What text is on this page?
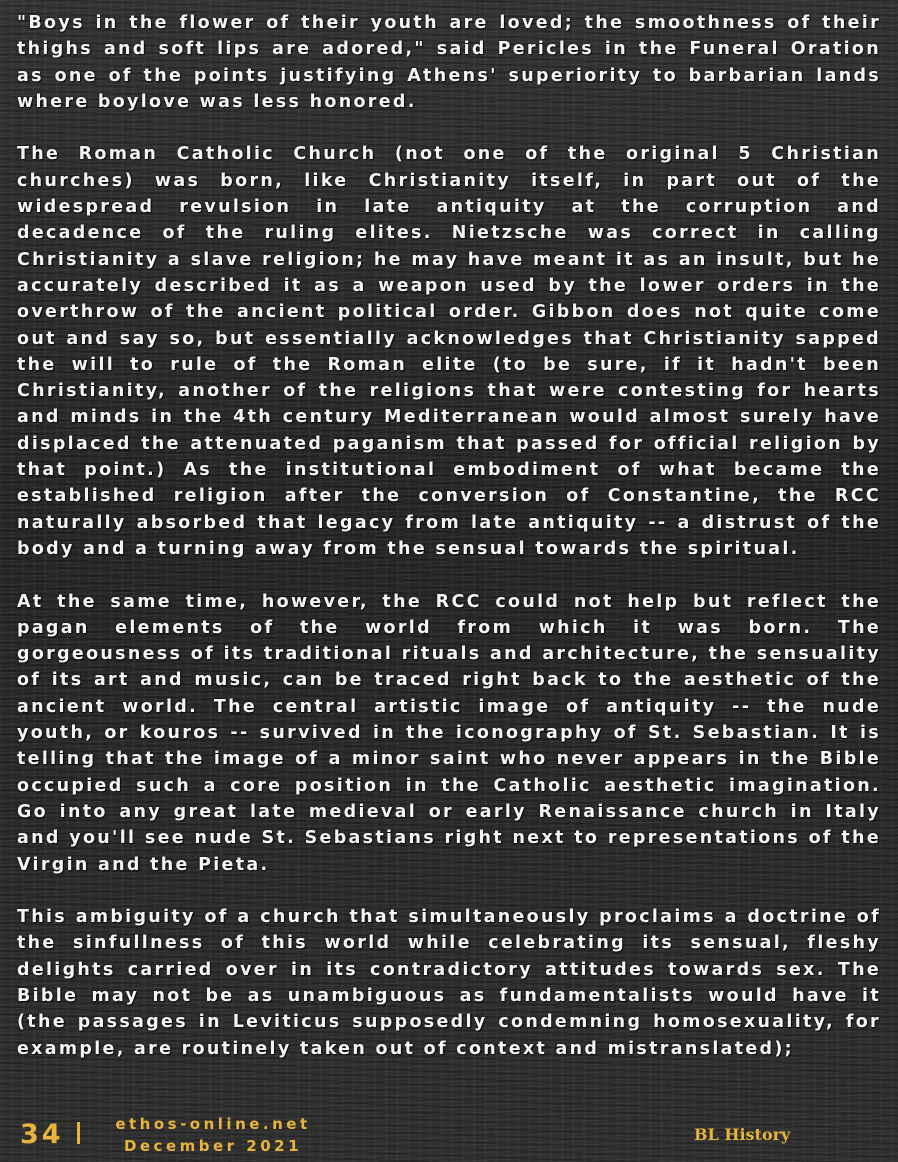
"Boys in the flower of their youth are loved; the smoothness of their thighs and soft lips are adored," said Pericles in the Funeral Oration as one of the points justifying Athens' superiority to barbarian lands where boylove was less honored.

The Roman Catholic Church (not one of the original 5 Christian churches) was born, like Christianity itself, in part out of the widespread revulsion in late antiquity at the corruption and decadence of the ruling elites. Nietzsche was correct in calling Christianity a slave religion; he may have meant it as an insult, but he accurately described it as a weapon used by the lower orders in the overthrow of the ancient political order. Gibbon does not quite come out and say so, but essentially acknowledges that Christianity sapped the will to rule of the Roman elite (to be sure, if it hadn't been Christianity, another of the religions that were contesting for hearts and minds in the 4th century Mediterranean would almost surely have displaced the attenuated paganism that passed for official religion by that point.) As the institutional embodiment of what became the established religion after the conversion of Constantine, the RCC naturally absorbed that legacy from late antiquity -- a distrust of the body and a turning away from the sensual towards the spiritual.

At the same time, however, the RCC could not help but reflect the pagan elements of the world from which it was born. The gorgeousness of its traditional rituals and architecture, the sensuality of its art and music, can be traced right back to the aesthetic of the ancient world. The central artistic image of antiquity -- the nude youth, or kouros -- survived in the iconography of St. Sebastian. It is telling that the image of a minor saint who never appears in the Bible occupied such a core position in the Catholic aesthetic imagination. Go into any great late medieval or early Renaissance church in Italy and you'll see nude St. Sebastians right next to representations of the Virgin and the Pieta.

This ambiguity of a church that simultaneously proclaims a doctrine of the sinfullness of this world while celebrating its sensual, fleshy delights carried over in its contradictory attitudes towards sex. The Bible may not be as unambiguous as fundamentalists would have it (the passages in Leviticus supposedly condemning homosexuality, for example, are routinely taken out of context and mistranslated);

34	ethos-online.net
December 2021
BL History
